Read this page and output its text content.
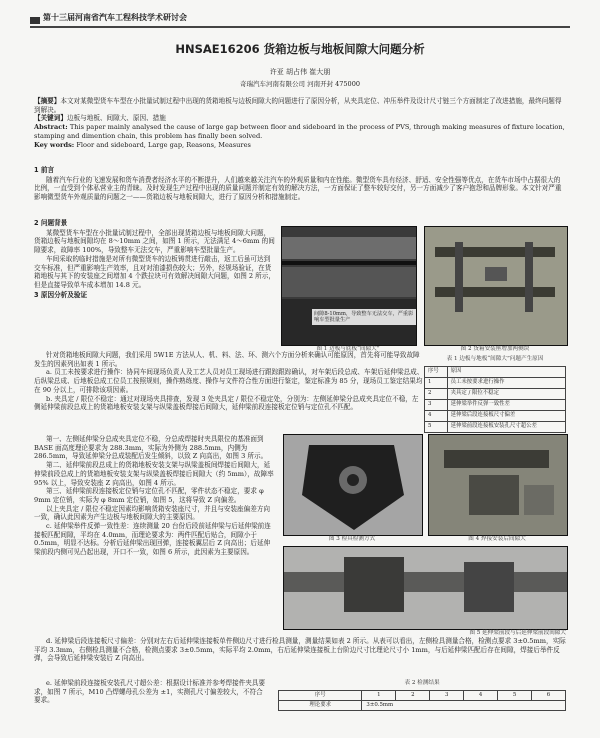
第十三届河南省汽车工程科技学术研讨会
HNSAE16206 货箱边板与地板间隙大问题分析
许亚 胡占伟 崔大朋
奇瑞汽车河南有限公司 河南开封 475000

【摘要】本文对某微型货车车型在小批量试制过程中出现的货箱地板与边板间隙大的问题进行了原因分析，从夹具定位、冲压举件及设计尺寸链三个方面制定了改进措施，最终问题得到解决。

【关键词】边板与地板、间隙大、原因、措施

Abstract: This paper mainly analysed the cause of large gap between floor and sideboard in the process of PVS, through making measures of fixture location, stamping and dimention chain, this problem has finally been solved.

Key words: Floor and sideboard, Large gap, Reasons, Measures

1 前言

随着汽车行业的飞速发展和货车消费者经济水平的不断提升，人们越来越关注汽车的外观质量和内在性能。微型货车具有经济、舒适、安全性强等优点，在货车市场中占据很大的比例，一直受到个体私营业主的青睐。及时发现生产过程中出现的质量问题并制定有效的解决方法，一方面保证了整车较好交付，另一方面减少了客户抱怨和品牌形象。本文针对严重影响微型货车外观质量的问题之一——货箱边板与地板间隙大，进行了原因分析和措施制定。

2 问题背景

某微型货车车型在小批量试制过程中，全部出现货箱边板与地板间隙大问题，货箱边板与地板间隙均在 8～10mm 之间，如图 1 所示，无法满足 4～6mm 的间隙要求，故障率 100%，导致整车无法交车，严重影响车型批量生产。

车间采取的临时措施是对所有微型货车的边板铸贯进行敲击，返工后虽可达到交车标准，但严重影响生产效率，且对对油漆损伤较大；另外，经规场验证，在货箱地板与其下的安装座之间增加 4 个跌拉块可有效解决间隙大问题，如图 2 所示，但是直接导致单车成本增加 14.8 元。

3 原因分析及验证
间隙8-10mm，导致整车无法交车，严重影响车型批量生产
图 1 边板与底板“间隙大”	图 2 货箱安装座增加两侧块
表 1 边板与地板“间隙大”问题产生原因
序号	原因
1	员工未按要求进行操作
2	夹具定 / 限位不稳定
3	延伸梁举件反弹一致性差
4	延伸梁后段连接板尺寸偏差
5	延伸梁前段连接板安装孔尺寸超公差

针对货箱地板间隙大问题，我们采用 5W1E 方法从人、机、料、法、环、测六个方面分析来确认可能原因，首先将可能导致故障发生的因素列出如表 1 所示。

a. 员工未按要求进行操作：协同车间现场负责人及工艺人员对员工现场进行跟踪跟踪确认，对车架后段总成、车架后延伸梁总成、后纵梁总成、后地板总成工位员工按照规则，操作熟练度、操作与文件符合性方面进行鉴定，鉴定标准为 85 分，现场员工鉴定结果均在 90 分以上，可排除该项因素。

b. 夹具定 / 限位不稳定：通过对现场夹具排查，发现 3 处夹具定 / 限位不稳定处，分别为：左侧延伸梁分总成夹具定位不稳，左侧延伸梁前段总成上的货箱地板安装支架与纵梁盖板焊接后间隙大，延伸梁前段连接板定位销与定位孔不匹配。

第一、左侧延伸梁分总成夹具定位不稳，分总成焊接时夹具限位的基准面到 BASE 面高度理论要求为 288.3mm，实际为外侧为 288.5mm，内侧为 286.5mm，导致延伸梁分总成装配后发生倾斜，以致 Z 向高出，如图 3 所示。

第二、延伸梁前段总成上的货箱地板安装支架与纵梁盖板间焊接后间隙大，延伸梁前段总成上的货箱地板安装支架与纵梁盖板焊接后间隙大（约 5mm），故障率 95% 以上，导致安装座 Z 向高出，如图 4 所示。

第三、延伸梁前段连接板定位销与定位孔不匹配，零件状态不稳定，要求 φ 9mm 定位销，实际为 φ 8mm 定位销，如图 5，这将导致 Z 向偏差。

以上夹具定 / 限位不稳定因素均影响货箱安装座尺寸，并且与安装座偏差方向一致，确认此因素为产生边板与地板间隙大的主要原因。

c. 延伸梁举件反弹一致性差：连续测量 20 台份后段前延伸梁与后延伸梁前连接板匹配间隙，平均在 4.0mm，而理论要求为：两件匹配后贴合，间隙小于 0.5mm，明显不达标。分析后延伸梁出现回弹，连接板翼层后 Z 向高出；后延伸梁前段内侧可见凸起出现，开口不一致，如图 6 所示，此因素为主要原因。

图 3 检具检测方式	图 4 焊接安装后间隙大
图 5 延伸梁前段与后延伸梁前段间隙大

d. 延伸梁后段连接板尺寸偏差：分别对左右后延伸梁连接板单件侧边尺寸进行检具测量，测量结果如表 2 所示。从表可以看出，左侧检具测量合格，检测点要求 3±0.5mm，实际平均 3.3mm，右侧检具测量不合格，检测点要求 3±0.5mm，实际平均 2.0mm，右后延伸梁连接板上台阶边尺寸比理论尺寸小 1mm，与后延伸梁匹配后存在间隙，焊接后举件反弹，会导致后延伸梁安装后 Z 向高出。

e. 延伸梁前段连接板安装孔尺寸超公差：根据设计标准并参考焊接件夹具要求，如图 7 所示，M10 凸焊螺母孔公差为 ±1，实测孔尺寸偏差较大，不符合要求。

表 2 检测结果
序号	1	2	3	4	5	6
理论要求	3±0.5mm					
